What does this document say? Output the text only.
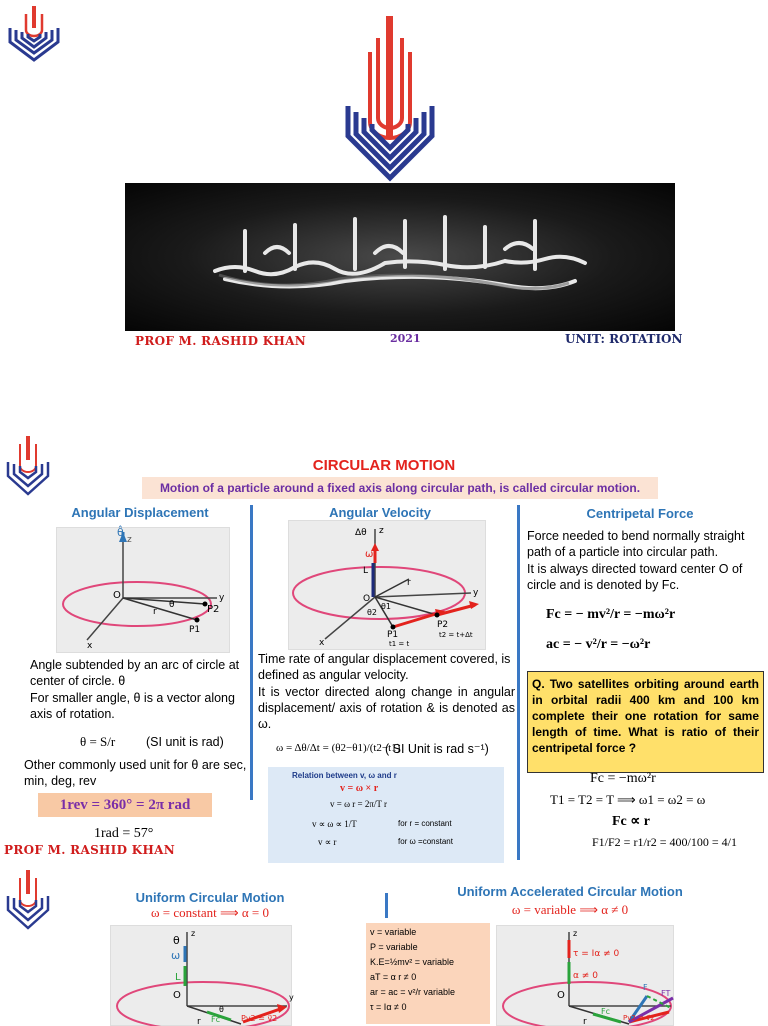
PROF M. RASHID KHAN	2021	UNIT: ROTATION
CIRCULAR MOTION
Motion of a particle around a fixed axis along circular path, is called circular motion.
Angular Displacement
θ̂
z
O
r
θ	P2
P1
y
x
Angle subtended by an arc of circle at center of circle. θ
For smaller angle, θ is a vector along axis of rotation.
θ = S/r (SI unit is rad)
Other commonly used unit for θ are sec, min, deg, rev
1rev = 360° = 2π rad
1rad = 57°
PROF M. RASHID KHAN
Angular Velocity
Δθ
ω
z
L
r
O
y
x
θ1
θ2
P1
P2
t1 = t
t2 = t+Δt
Time rate of angular displacement covered, is defined as angular velocity.
It is vector directed along change in angular displacement/ axis of rotation & is denoted as ω.
ω = Δθ/Δt = (θ2−θ1)/(t2−t1)
( SI Unit is rad s⁻¹)
Relation between v, ω and r
v = ω × r
v = ω r = 2π/T r
v ∝ ω ∝ 1/T	for r = constant
v ∝ r	for ω =constant
Centripetal Force
Force needed to bend normally straight path of a particle into circular path.
It is always directed toward center O of circle and is denoted by Fc.
Fc = − mv²/r = −mω²r
ac = − v²/r = −ω²r
Q. Two satellites orbiting around earth in orbital radii 400 km and 100 km complete their one rotation for same length of time. What is ratio of their centripetal force ?
Fc = −mω²r
T1 = T2 = T ⟹ ω1 = ω2 = ω
Fc ∝ r
F1/F2 = r1/r2 = 400/100 = 4/1
Uniform Circular Motion
ω = constant ⟹ α = 0
θ
z
ω
L
O
r
θ
Fc
y
Pv2 = v⃗2
Uniform Accelerated Circular Motion
ω = variable ⟹ α ≠ 0
v = variable
P = variable
K.E=½mv² = variable
aT = α r ≠ 0
ar = ac = v²/r variable
τ = Iα ≠ 0
z
τ = Iα ≠ 0
α ≠ 0
O
r
Fc
F
FT
Pv2 = v⃗2
